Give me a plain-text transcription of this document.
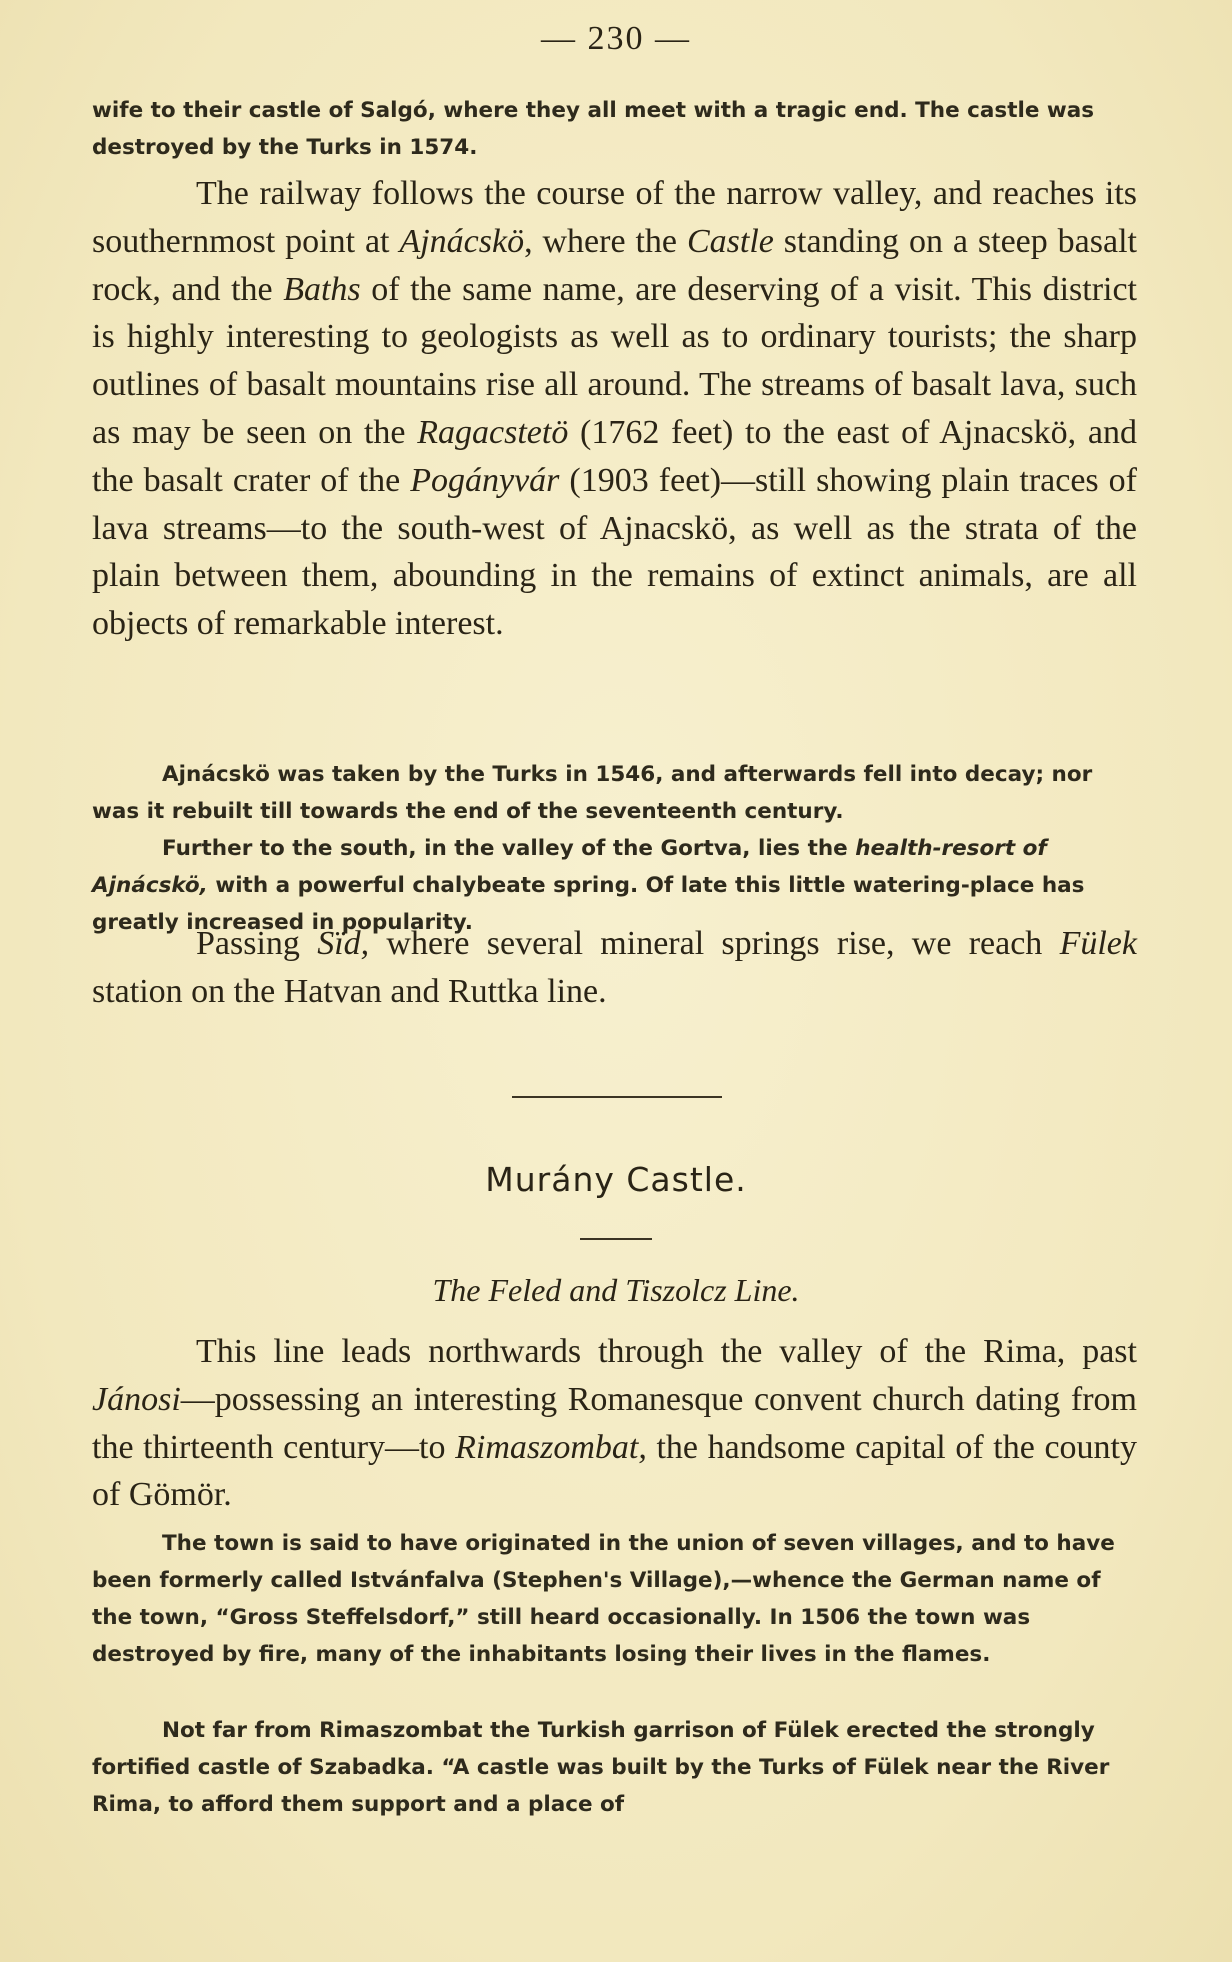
— 230 —
wife to their castle of Salgó, where they all meet with a tragic end. The castle was destroyed by the Turks in 1574.
The railway follows the course of the narrow valley, and reaches its southernmost point at Ajnácskö, where the Castle standing on a steep basalt rock, and the Baths of the same name, are deserving of a visit. This district is highly interesting to geologists as well as to ordinary tourists; the sharp outlines of basalt mountains rise all around. The streams of basalt lava, such as may be seen on the Ragacstetö (1762 feet) to the east of Ajnacskö, and the basalt crater of the Pogányvár (1903 feet)—still showing plain traces of lava streams—to the south-west of Ajnacskö, as well as the strata of the plain between them, abounding in the remains of extinct animals, are all objects of remarkable interest.
Ajnácskö was taken by the Turks in 1546, and afterwards fell into decay; nor was it rebuilt till towards the end of the seventeenth century.
Further to the south, in the valley of the Gortva, lies the health-resort of Ajnácskö, with a powerful chalybeate spring. Of late this little watering-place has greatly increased in popularity.
Passing Sïd, where several mineral springs rise, we reach Fülek station on the Hatvan and Ruttka line.
Murány Castle.
The Feled and Tiszolcz Line.
This line leads northwards through the valley of the Rima, past Jánosi—possessing an interesting Romanesque convent church dating from the thirteenth century—to Rimaszombat, the handsome capital of the county of Gömör.
The town is said to have originated in the union of seven villages, and to have been formerly called Istvánfalva (Stephen's Village),—whence the German name of the town, “Gross Steffelsdorf,” still heard occasionally. In 1506 the town was destroyed by fire, many of the inhabitants losing their lives in the flames.
Not far from Rimaszombat the Turkish garrison of Fülek erected the strongly fortified castle of Szabadka. “A castle was built by the Turks of Fülek near the River Rima, to afford them support and a place of
